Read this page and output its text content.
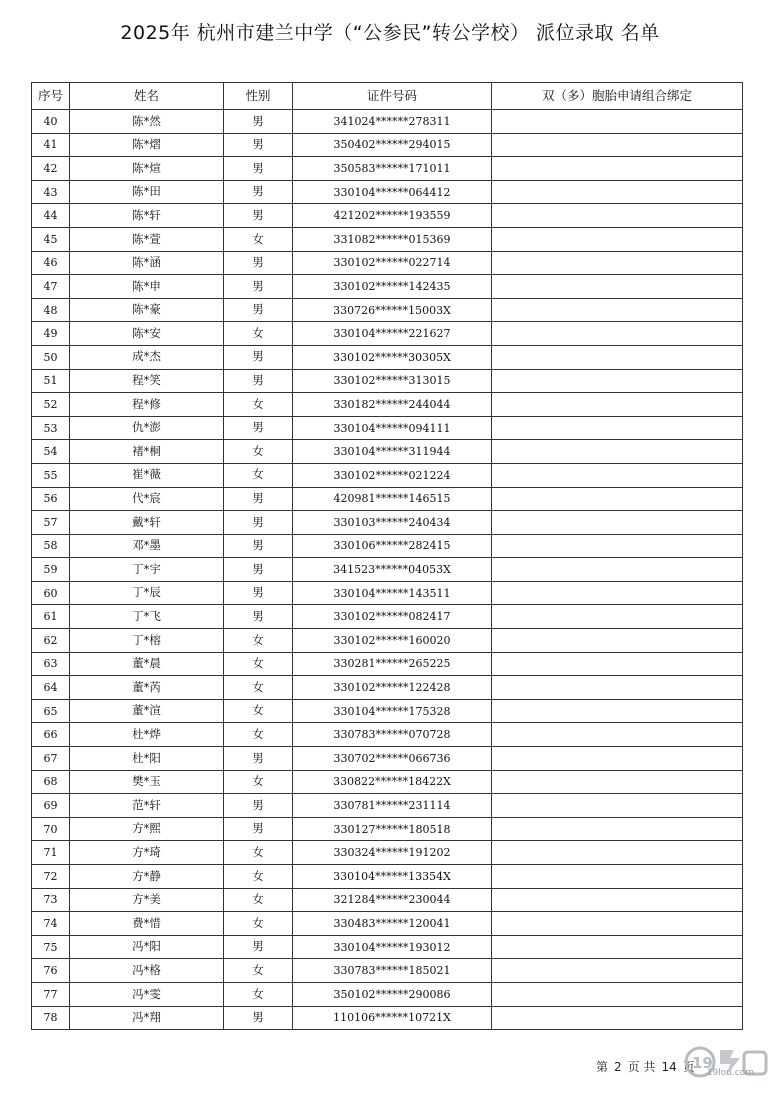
2025年 杭州市建兰中学（“公参民”转公学校） 派位录取 名单
序号	姓名	性别	证件号码	双（多）胞胎申请组合绑定
40	陈*然	男	341024******278311	
41	陈*熠	男	350402******294015	
42	陈*煊	男	350583******171011	
43	陈*田	男	330104******064412	
44	陈*轩	男	421202******193559	
45	陈*萱	女	331082******015369	
46	陈*涵	男	330102******022714	
47	陈*申	男	330102******142435	
48	陈*豪	男	330726******15003X	
49	陈*安	女	330104******221627	
50	成*杰	男	330102******30305X	
51	程*笑	男	330102******313015	
52	程*修	女	330182******244044	
53	仇*澎	男	330104******094111	
54	褚*桐	女	330104******311944	
55	崔*薇	女	330102******021224	
56	代*宸	男	420981******146515	
57	戴*轩	男	330103******240434	
58	邓*墨	男	330106******282415	
59	丁*宇	男	341523******04053X	
60	丁*辰	男	330104******143511	
61	丁*飞	男	330102******082417	
62	丁*榕	女	330102******160020	
63	董*晨	女	330281******265225	
64	董*芮	女	330102******122428	
65	董*渲	女	330104******175328	
66	杜*烨	女	330783******070728	
67	杜*阳	男	330702******066736	
68	樊*玉	女	330822******18422X	
69	范*轩	男	330781******231114	
70	方*熙	男	330127******180518	
71	方*琦	女	330324******191202	
72	方*静	女	330104******13354X	
73	方*美	女	321284******230044	
74	费*惜	女	330483******120041	
75	冯*阳	男	330104******193012	
76	冯*格	女	330783******185021	
77	冯*雯	女	350102******290086	
78	冯*翔	男	110106******10721X	
第 2 页 共 14 页
19
19lou.com
